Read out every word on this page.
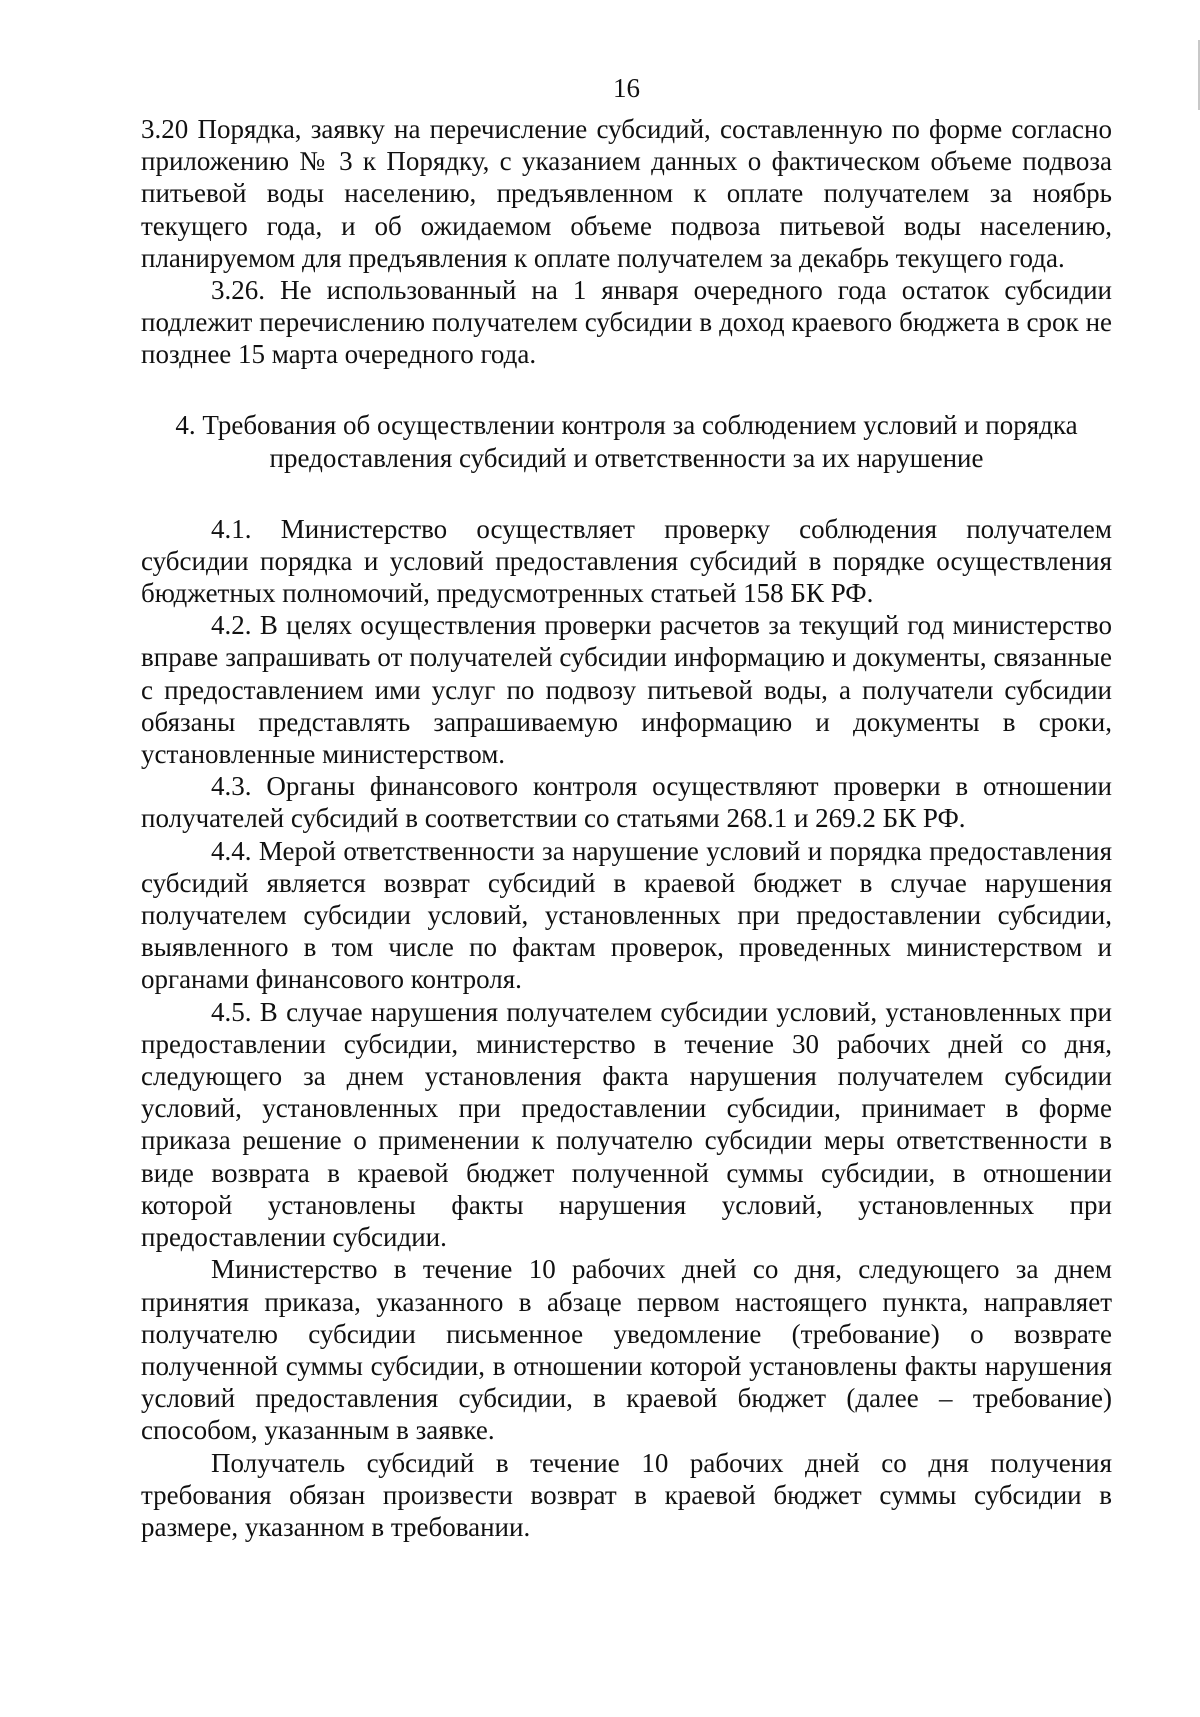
16

3.20 Порядка, заявку на перечисление субсидий, составленную по форме согласно приложению № 3 к Порядку, с указанием данных о фактическом объеме подвоза питьевой воды населению, предъявленном к оплате получателем за ноябрь текущего года, и об ожидаемом объеме подвоза питьевой воды населению, планируемом для предъявления к оплате получателем за декабрь текущего года.

3.26. Не использованный на 1 января очередного года остаток субсидии подлежит перечислению получателем субсидии в доход краевого бюджета в срок не позднее 15 марта очередного года.

4. Требования об осуществлении контроля за соблюдением условий и порядка
предоставления субсидий и ответственности за их нарушение

4.1. Министерство осуществляет проверку соблюдения получателем субсидии порядка и условий предоставления субсидий в порядке осуществления бюджетных полномочий, предусмотренных статьей 158 БК РФ.

4.2. В целях осуществления проверки расчетов за текущий год министерство вправе запрашивать от получателей субсидии информацию и документы, связанные с предоставлением ими услуг по подвозу питьевой воды, а получатели субсидии обязаны представлять запрашиваемую информацию и документы в сроки, установленные министерством.

4.3. Органы финансового контроля осуществляют проверки в отношении получателей субсидий в соответствии со статьями 268.1 и 269.2 БК РФ.

4.4. Мерой ответственности за нарушение условий и порядка предоставления субсидий является возврат субсидий в краевой бюджет в случае нарушения получателем субсидии условий, установленных при предоставлении субсидии, выявленного в том числе по фактам проверок, проведенных министерством и органами финансового контроля.

4.5. В случае нарушения получателем субсидии условий, установленных при предоставлении субсидии, министерство в течение 30 рабочих дней со дня, следующего за днем установления факта нарушения получателем субсидии условий, установленных при предоставлении субсидии, принимает в форме приказа решение о применении к получателю субсидии меры ответственности в виде возврата в краевой бюджет полученной суммы субсидии, в отношении которой установлены факты нарушения условий, установленных при предоставлении субсидии.

Министерство в течение 10 рабочих дней со дня, следующего за днем принятия приказа, указанного в абзаце первом настоящего пункта, направляет получателю субсидии письменное уведомление (требование) о возврате полученной суммы субсидии, в отношении которой установлены факты нарушения условий предоставления субсидии, в краевой бюджет (далее – требование) способом, указанным в заявке.

Получатель субсидий в течение 10 рабочих дней со дня получения требования обязан произвести возврат в краевой бюджет суммы субсидии в размере, указанном в требовании.
